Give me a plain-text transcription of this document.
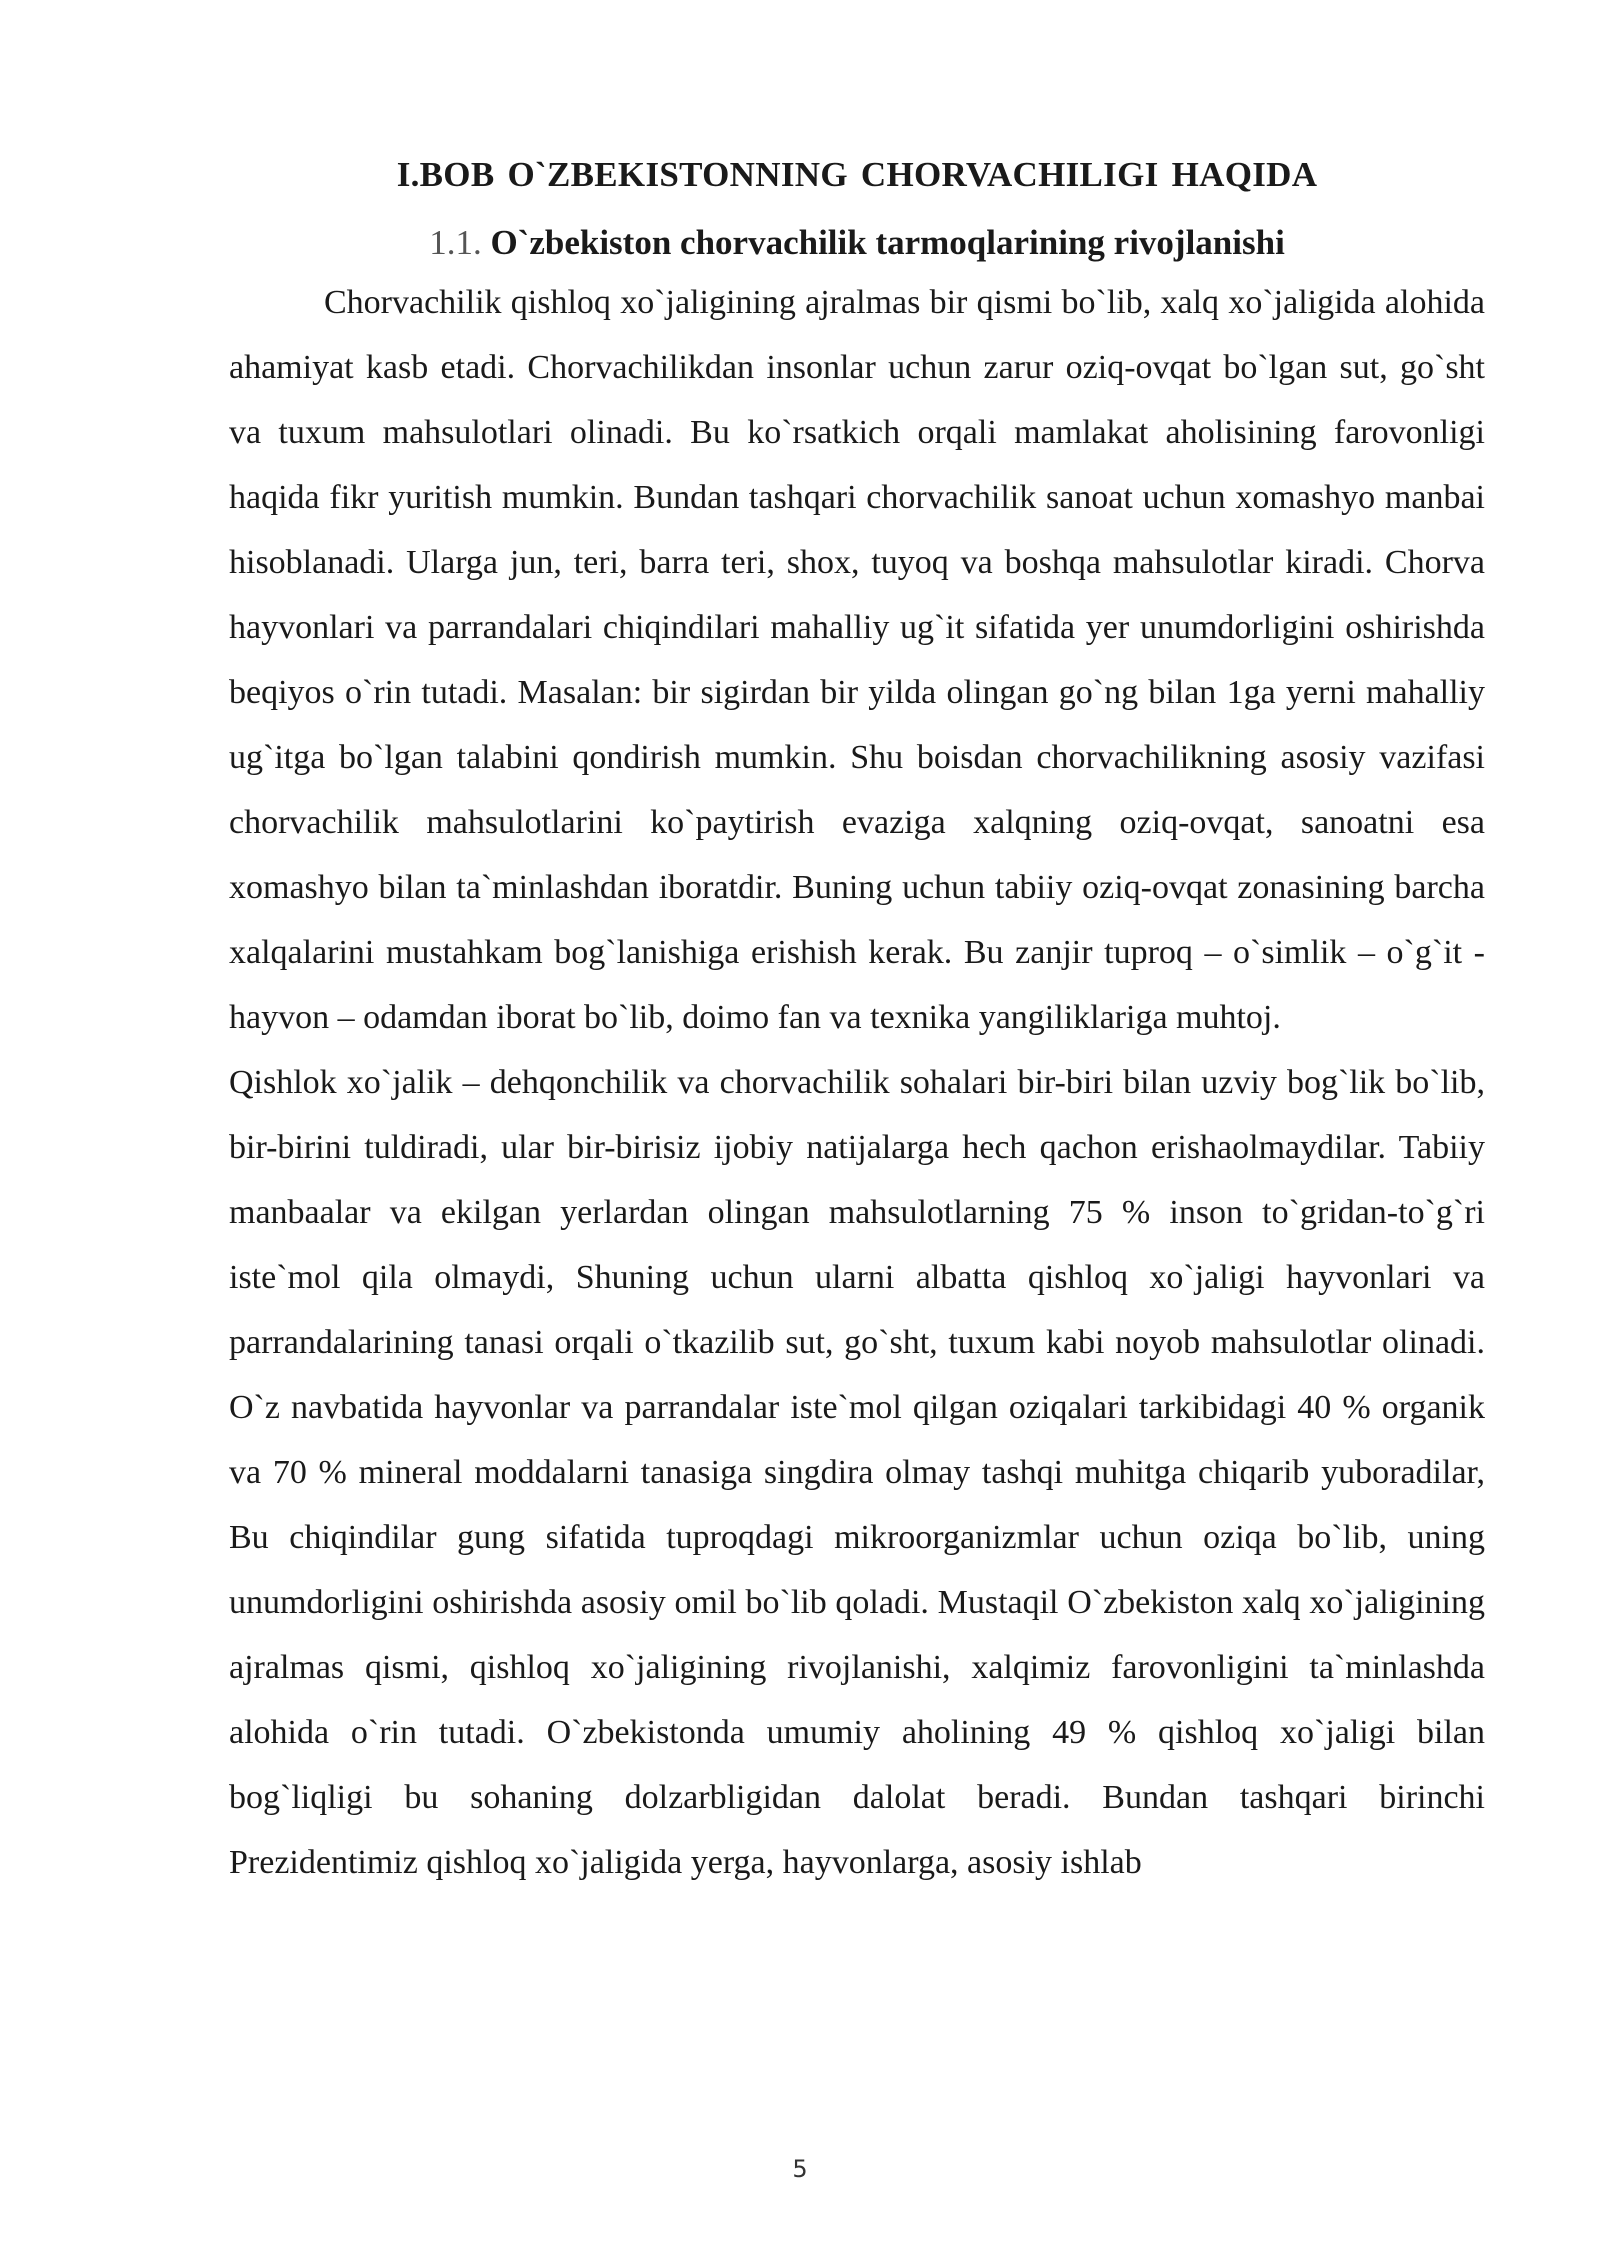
I.BOB O`ZBEKISTONNING CHORVACHILIGI HAQIDA
1.1. O`zbekiston chorvachilik tarmoqlarining rivojlanishi

Chorvachilik qishloq xo`jaligining ajralmas bir qismi bo`lib, xalq xo`jaligida alohida ahamiyat kasb etadi. Chorvachilikdan insonlar uchun zarur oziq-ovqat bo`lgan sut, go`sht va tuxum mahsulotlari olinadi. Bu ko`rsatkich orqali mamlakat aholisining farovonligi haqida fikr yuritish mumkin. Bundan tashqari chorvachilik sanoat uchun xomashyo manbai hisoblanadi. Ularga jun, teri, barra teri, shox, tuyoq va boshqa mahsulotlar kiradi. Chorva hayvonlari va parrandalari chiqindilari mahalliy ug`it sifatida yer unumdorligini oshirishda beqiyos o`rin tutadi. Masalan: bir sigirdan bir yilda olingan go`ng bilan 1ga yerni mahalliy ug`itga bo`lgan talabini qondirish mumkin. Shu boisdan chorvachilikning asosiy vazifasi chorvachilik mahsulotlarini ko`paytirish evaziga xalqning oziq-ovqat, sanoatni esa xomashyo bilan ta`minlashdan iboratdir. Buning uchun tabiiy oziq-ovqat zonasining barcha xalqalarini mustahkam bog`lanishiga erishish kerak. Bu zanjir tuproq – o`simlik – o`g`it -hayvon – odamdan iborat bo`lib, doimo fan va texnika yangiliklariga muhtoj.

Qishlok xo`jalik – dehqonchilik va chorvachilik sohalari bir-biri bilan uzviy bog`lik bo`lib, bir-birini tuldiradi, ular bir-birisiz ijobiy natijalarga hech qachon erishaolmaydilar. Tabiiy manbaalar va ekilgan yerlardan olingan mahsulotlarning 75 % inson to`gridan-to`g`ri iste`mol qila olmaydi, Shuning uchun ularni albatta qishloq xo`jaligi hayvonlari va parrandalarining tanasi orqali o`tkazilib sut, go`sht, tuxum kabi noyob mahsulotlar olinadi. O`z navbatida hayvonlar va parrandalar iste`mol qilgan oziqalari tarkibidagi 40 % organik va 70 % mineral moddalarni tanasiga singdira olmay tashqi muhitga chiqarib yuboradilar, Bu chiqindilar gung sifatida tuproqdagi mikroorganizmlar uchun oziqa bo`lib, uning unumdorligini oshirishda asosiy omil bo`lib qoladi. Mustaqil O`zbekiston xalq xo`jaligining ajralmas qismi, qishloq xo`jaligining rivojlanishi, xalqimiz farovonligini ta`minlashda alohida o`rin tutadi. O`zbekistonda umumiy aholining 49 % qishloq xo`jaligi bilan bog`liqligi bu sohaning dolzarbligidan dalolat beradi. Bundan tashqari birinchi Prezidentimiz qishloq xo`jaligida yerga, hayvonlarga, asosiy ishlab

5
